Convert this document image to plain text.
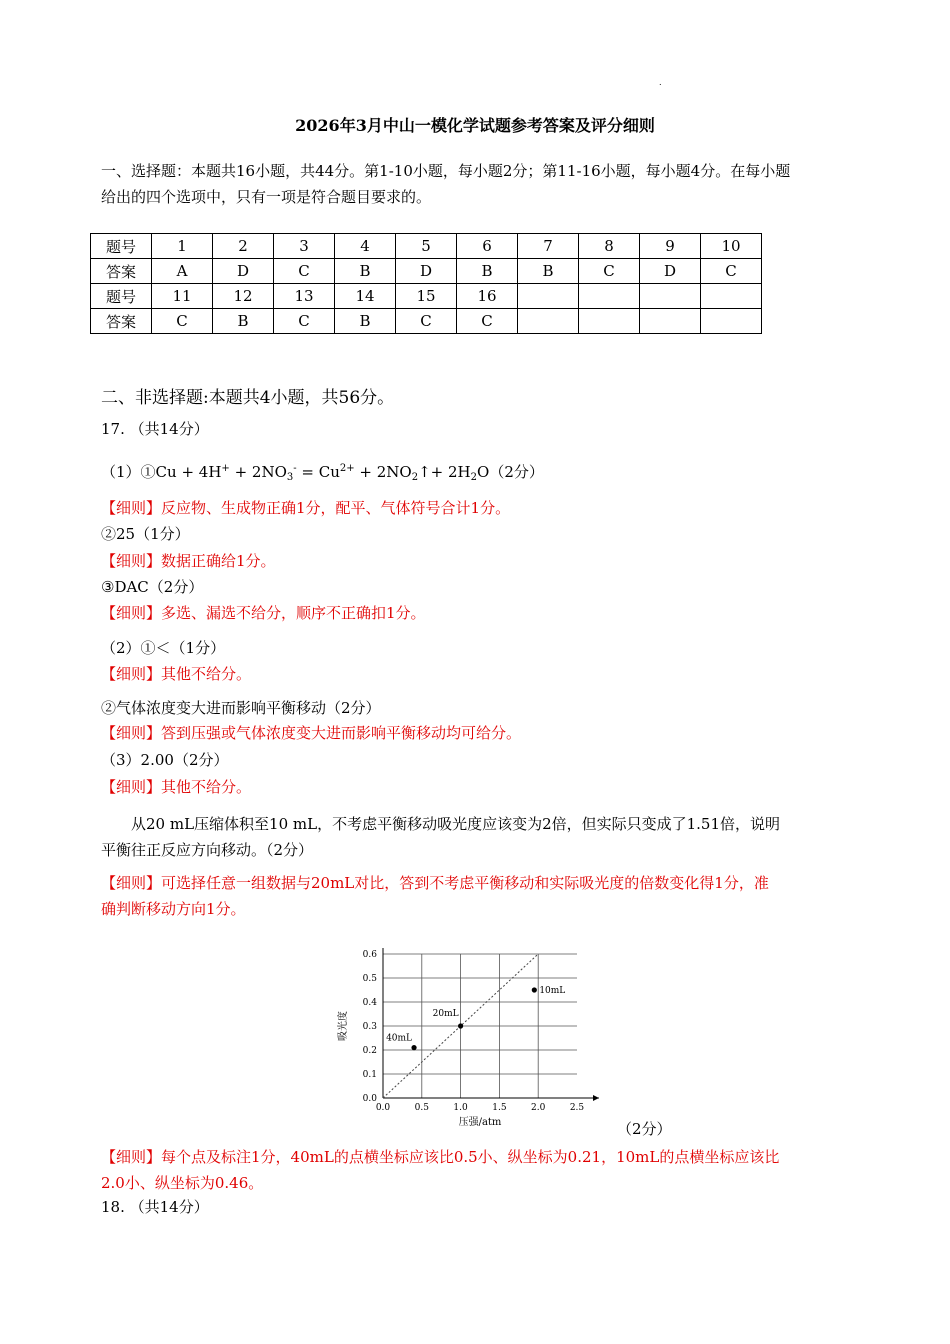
.
2026年3月中山一模化学试题参考答案及评分细则
一、选择题：本题共16小题，共44分。第1-10小题，每小题2分；第11-16小题，每小题4分。在每小题
给出的四个选项中，只有一项是符合题目要求的。
题号	1	2	3	4	5	6	7	8	9	10
答案	A	D	C	B	D	B	B	C	D	C
题号	11	12	13	14	15	16				
答案	C	B	C	B	C	C				
二、非选择题:本题共4小题，共56分。
17. （共14分）
（1）①Cu + $4H^+ + 2NO_3^- = Cu^{2+}$ + $2NO_2↑+ 2H_2O(2$分）
【细则】反应物、生成物正确1分，配平、气体符号合计1分。
②25（1分）
【细则】数据正确给1分。
③DAC（2分）
【细则】多选、漏选不给分，顺序不正确扣1分。
（2）①＜（1分）
【细则】其他不给分。
②气体浓度变大进而影响平衡移动（2分）
【细则】答到压强或气体浓度变大进而影响平衡移动均可给分。
（3）2.00（2分）
【细则】其他不给分。
从20 mL压缩体积至10 mL，不考虑平衡移动吸光度应该变为2倍，但实际只变成了1.51倍，说明
平衡往正反应方向移动。（2分）
【细则】可选择任意一组数据与20mL对比，答到不考虑平衡移动和实际吸光度的倍数变化得1分，准
确判断移动方向1分。
0.0
0.1
0.2
0.3
0.4
0.5
0.6
0.0	0.5	1.0	1.5	2.0	2.5
40mL
20mL
10mL
压强/atm
吸光度
（2分）
【细则】每个点及标注1分，40mL的点横坐标应该比0.5小、纵坐标为0.21，10mL的点横坐标应该比
2.0小、纵坐标为0.46。
18. （共14分）
